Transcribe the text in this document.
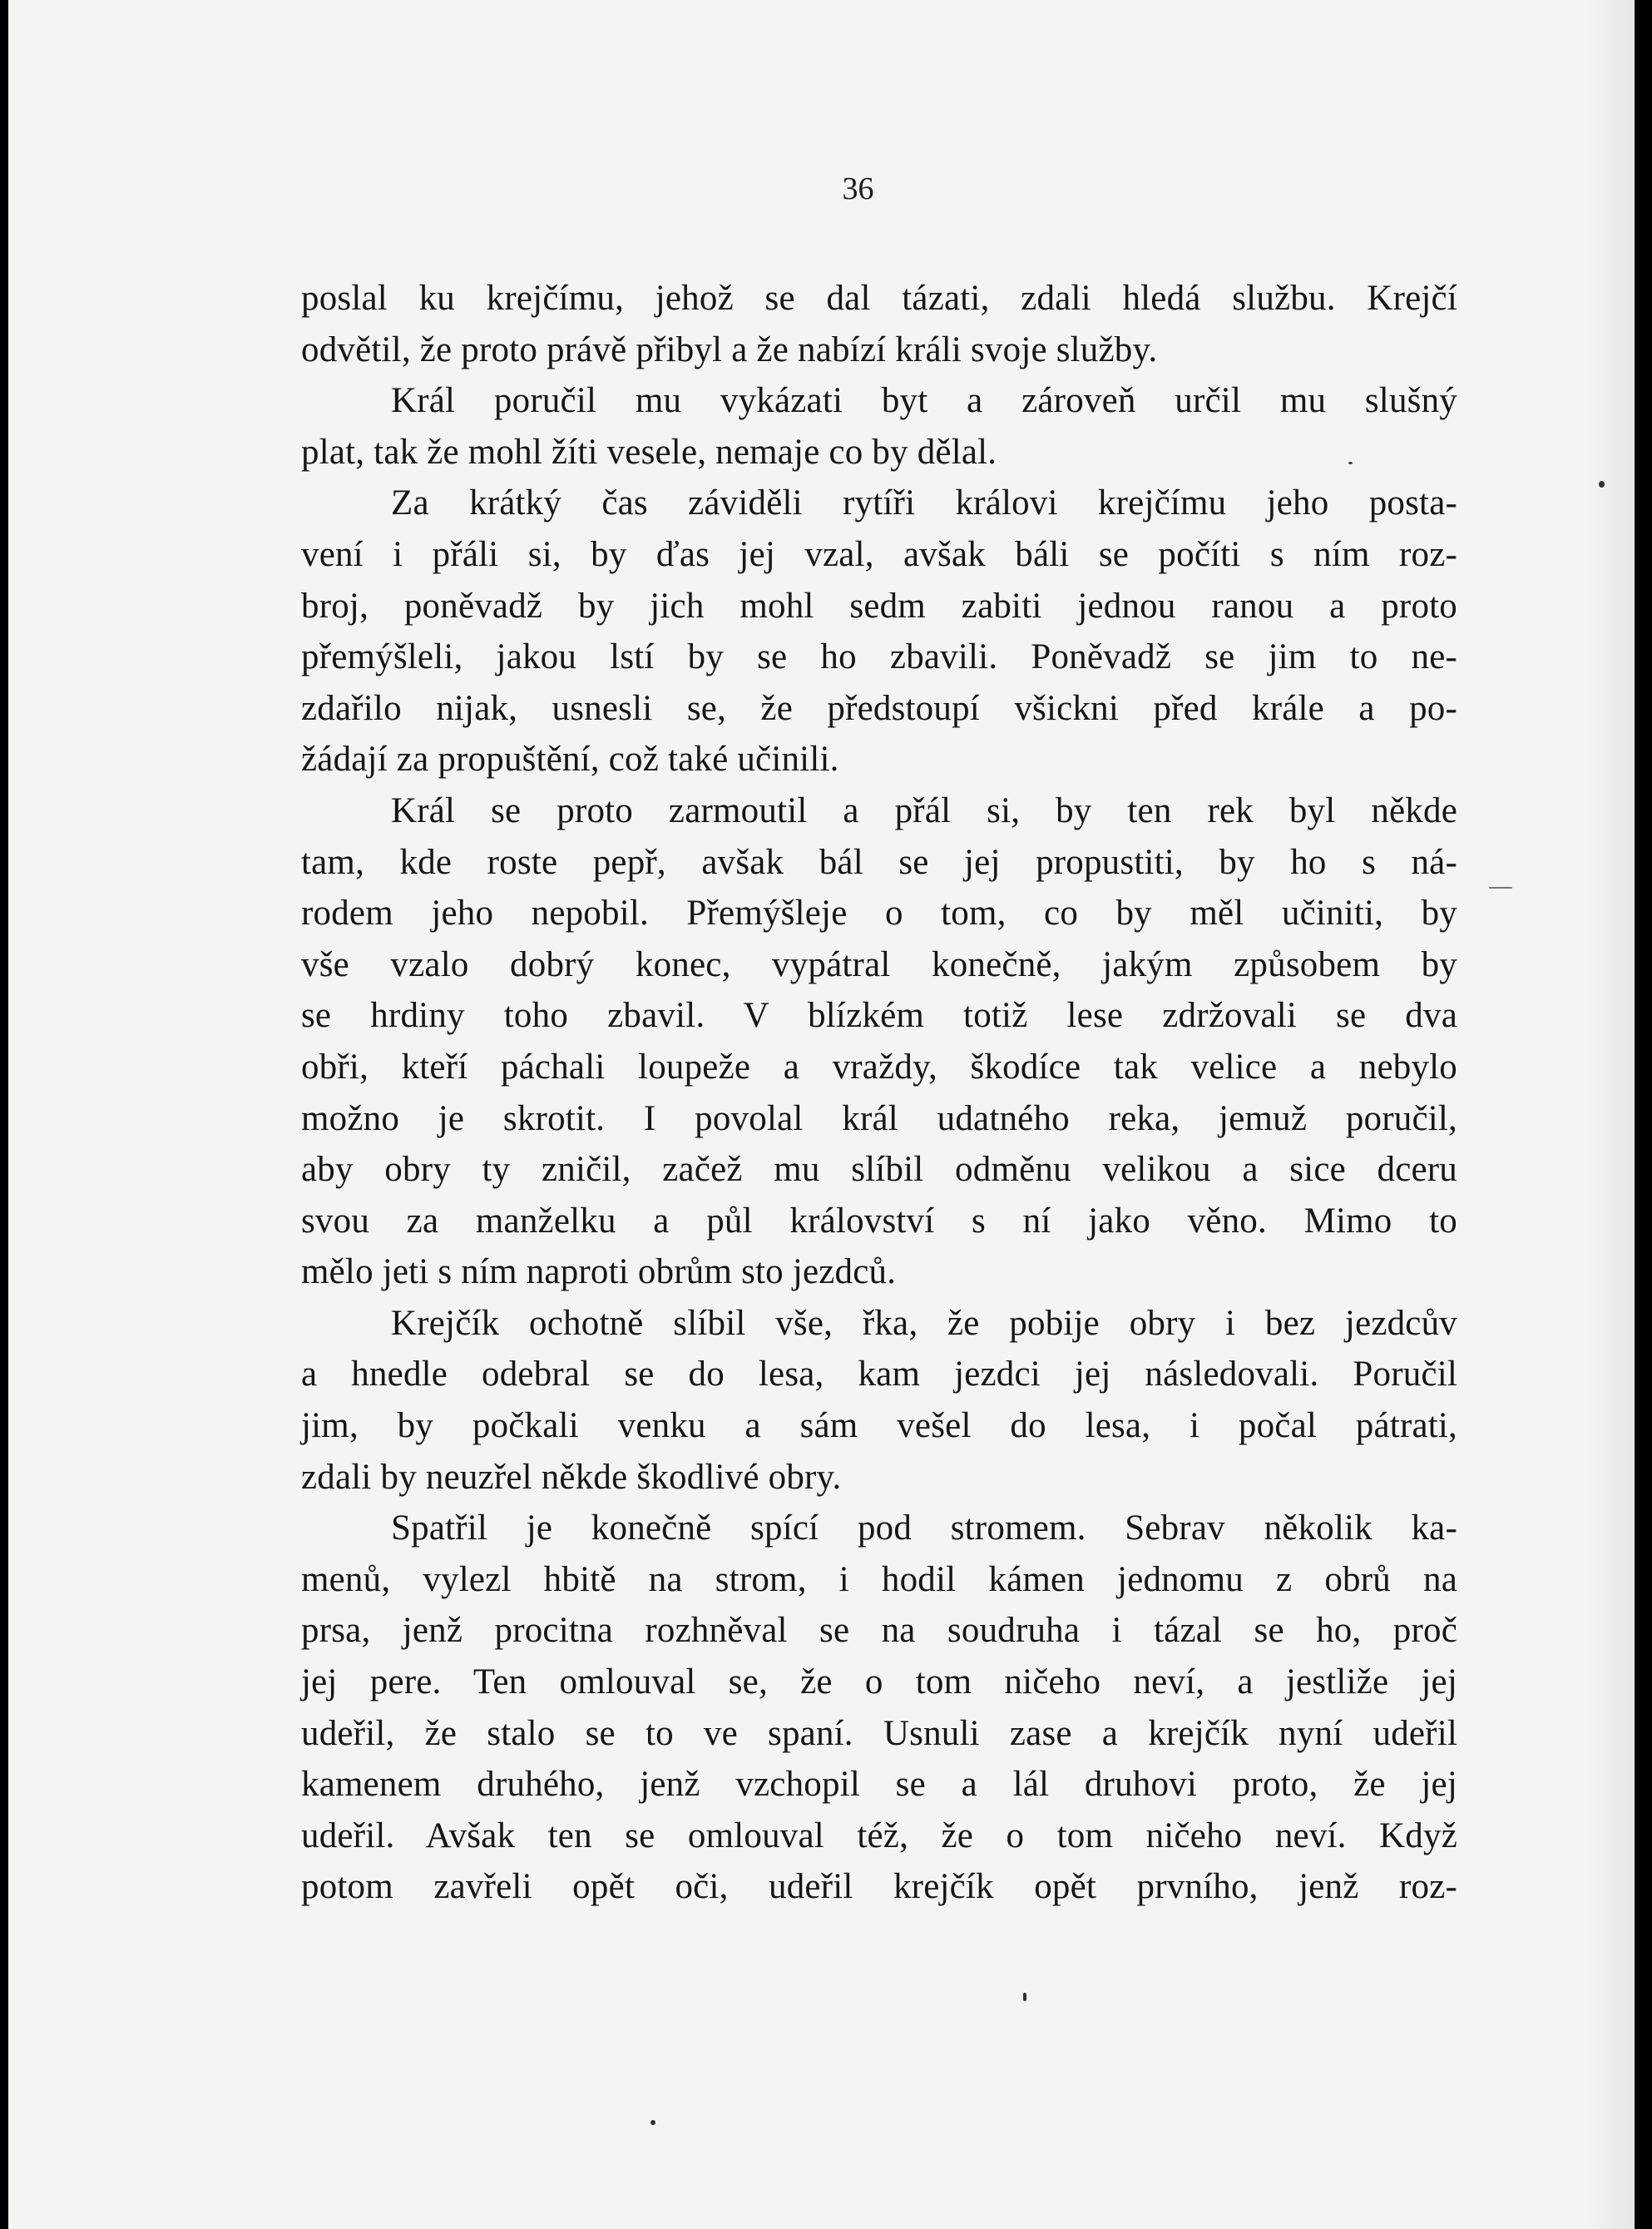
36
poslal ku krejčímu, jehož se dal tázati, zdali hledá službu. Krejčí
odvětil, že proto právě přibyl a že nabízí králi svoje služby.
Král poručil mu vykázati byt a zároveň určil mu slušný
plat, tak že mohl žíti vesele, nemaje co by dělal.
Za krátký čas záviděli rytíři královi krejčímu jeho posta-
vení i přáli si, by ďas jej vzal, avšak báli se počíti s ním roz-
broj, poněvadž by jich mohl sedm zabiti jednou ranou a proto
přemýšleli, jakou lstí by se ho zbavili. Poněvadž se jim to ne-
zdařilo nijak, usnesli se, že předstoupí všickni před krále a po-
žádají za propuštění, což také učinili.
Král se proto zarmoutil a přál si, by ten rek byl někde
tam, kde roste pepř, avšak bál se jej propustiti, by ho s ná-
rodem jeho nepobil. Přemýšleje o tom, co by měl učiniti, by
vše vzalo dobrý konec, vypátral konečně, jakým způsobem by
se hrdiny toho zbavil. V blízkém totiž lese zdržovali se dva
obři, kteří páchali loupeže a vraždy, škodíce tak velice a nebylo
možno je skrotit. I povolal král udatného reka, jemuž poručil,
aby obry ty zničil, začež mu slíbil odměnu velikou a sice dceru
svou za manželku a půl království s ní jako věno. Mimo to
mělo jeti s ním naproti obrům sto jezdců.
Krejčík ochotně slíbil vše, řka, že pobije obry i bez jezdcův
a hnedle odebral se do lesa, kam jezdci jej následovali. Poručil
jim, by počkali venku a sám vešel do lesa, i počal pátrati,
zdali by neuzřel někde škodlivé obry.
Spatřil je konečně spící pod stromem. Sebrav několik ka-
menů, vylezl hbitě na strom, i hodil kámen jednomu z obrů na
prsa, jenž procitna rozhněval se na soudruha i tázal se ho, proč
jej pere. Ten omlouval se, že o tom ničeho neví, a jestliže jej
udeřil, že stalo se to ve spaní. Usnuli zase a krejčík nyní udeřil
kamenem druhého, jenž vzchopil se a lál druhovi proto, že jej
udeřil. Avšak ten se omlouval též, že o tom ničeho neví. Když
potom zavřeli opět oči, udeřil krejčík opět prvního, jenž roz-
